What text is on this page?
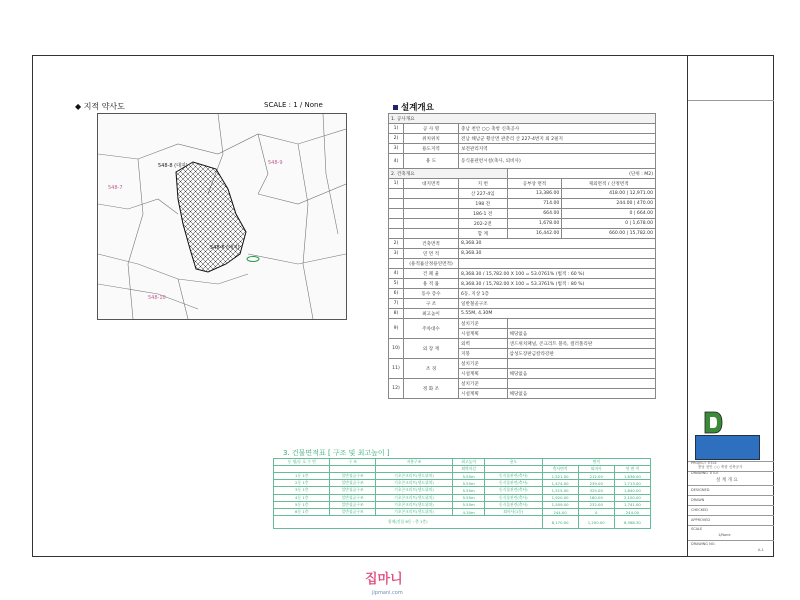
PROJECT TITLE
충남 천안 ○○ 축항 신축공사
DRAWING TITLE
설 계 개 요
DESIGNED
DRAWN
CHECKED
APPROVED
SCALE
1/None
DRAWING NO.
A-1
◆ 지적 약사도	SCALE : 1 / None
548-8 (대지)
548-6 (대지)
548-7
548-9
548-10
설계개요
1. 공사개요				
1)	공 사 명	충남 천안 ○○ 축항 신축공사		
2)	위치위치	전남 해남군 황산면 관춘리 산 227-4번지 외 2필지		
3)	용도지역	보전관리지역		
4)	용 도	동식물관련시설(축사, 퇴비사)		
2. 건축개요			(단위 : M2)	
1)	대지면적	지 번	공부상 면적	제외면적 / 산정면적
		산 227-4임	13,386.00	418.00 | 12,971.00
		198 전	714.00	244.00 | 470.00
		186-1 전	664.00	0 | 664.00
		202-2전	1,678.00	0 | 1,678.00
		합 계	16,442.00	660.00 | 15,782.00
2)	건축면적	8,368.30		
3)	연 면 적	8,368.30		
	(용적률산정용연면적)			
4)	건 폐 율	8,368.30 / 15,782.00 X 100 = 53.0761% (법적 : 60 %)		
5)	용 적 률	8,368.30 / 15,782.00 X 100 = 53.3761% (법적 : 80 %)		
6)	동수 층수	6동, 지상 1층		
7)	구 조	일반철골구조		
8)	최고높이	5.55M, 4.30M		
9)	주차대수	설치기준		
		시설계획	해당없음	
10)	외 장 재	외벽	샌드위치패널, 콘크리트 블록, 컬러폴리판	
		지붕	삼성도장판금칼라강판	
11)	조 경	설치기준		
		시설계획	해당없음	
12)	정 화 조	설치기준		
		시설계획	해당없음	
3. 건물면적표 [ 구조 및 최고높이 ]
동 명/동 호 수 번	구 조	지붕구조	최고높이	용도	면적		
			외벽마감		축사면적	퇴비사	연 면 적
1동 1층	일반철골구조	기초콘크리트(샌드위치)	5.55m	동식물관련(축사)	1,521.00	212.00	1,836.00
2동 1층	일반철골구조	기초콘크리트(샌드위치)	5.55m	동식물관련(축사)	1,474.00	239.00	1,713.00
3동 1층	일반철골구조	기초콘크리트(샌드위치)	5.55m	동식물관련(축사)	1,515.00	325.00	1,840.00
4동 1층	일반철골구조	기초콘크리트(샌드위치)	5.55m	동식물관련(축사)	1,920.00	180.00	2,100.00
5동 1층	일반철골구조	기초콘크리트(샌드위치)	5.55m	동식물관련(축사)	1,509.00	232.00	1,741.00
6동 1층	일반철골구조	기초콘크리트(샌드위치)	4.30m	퇴비사(1동)	244.00	0	244.00
합계(건물 6동 : 총 1층)					8,170.00	1,200.00	8,368.30
집마니
jipmani.com
